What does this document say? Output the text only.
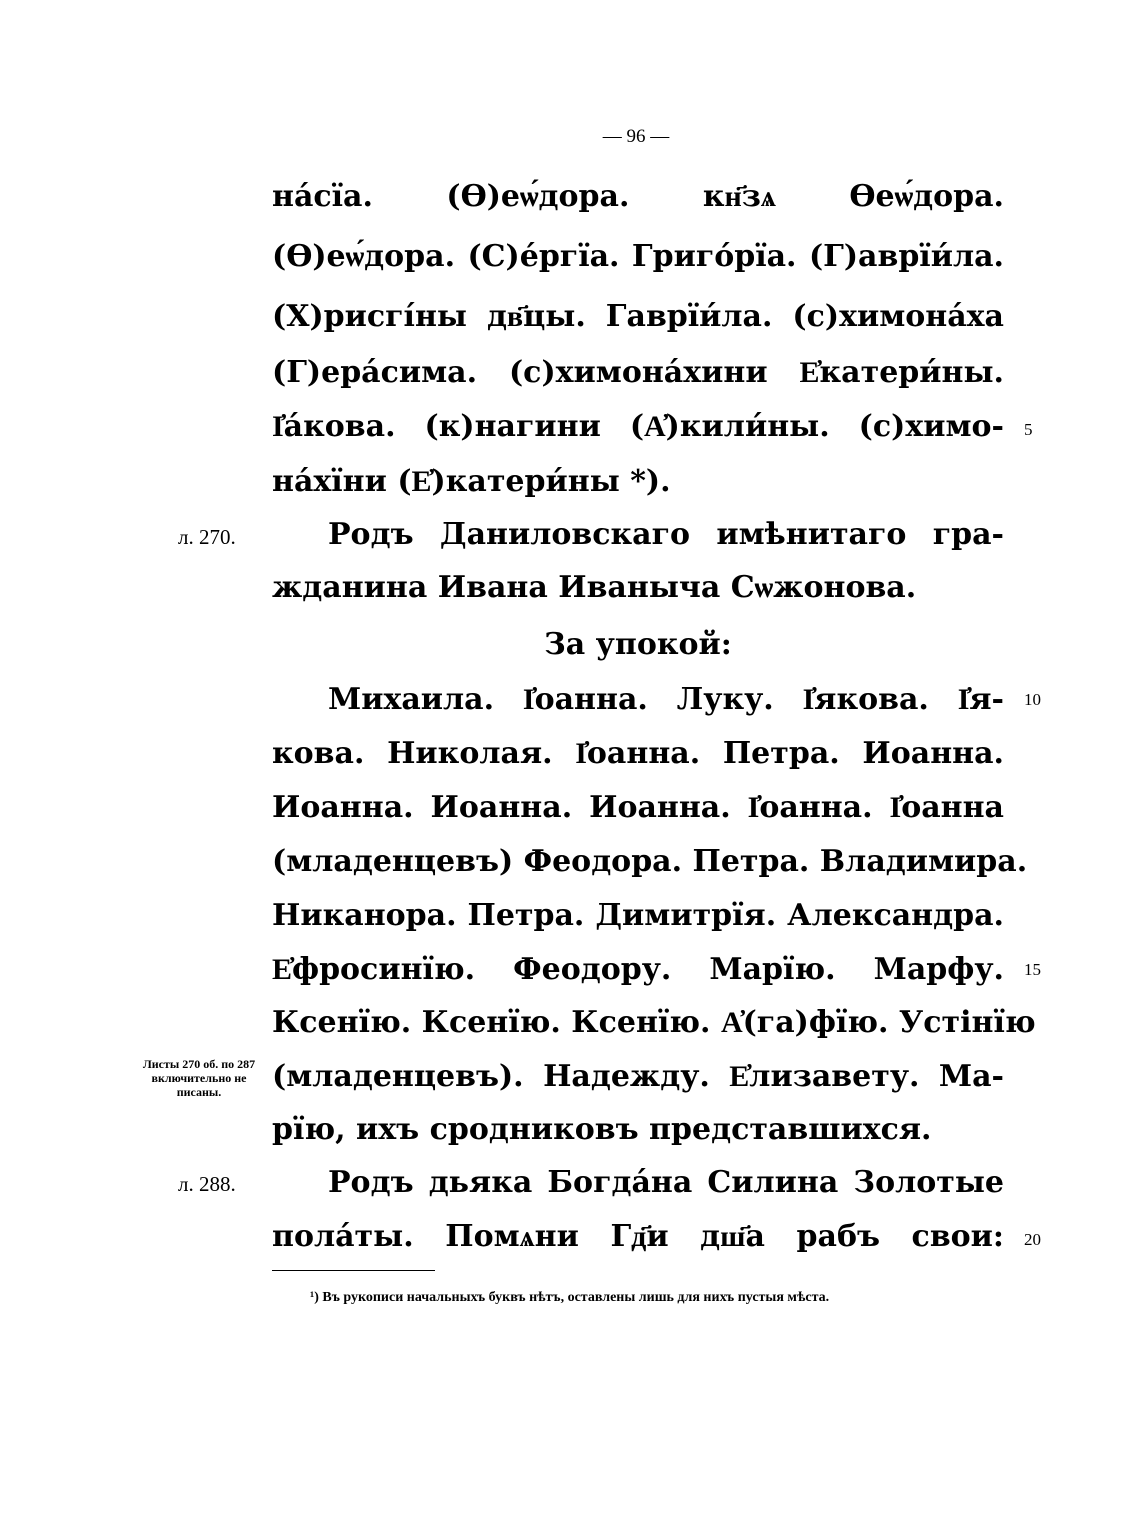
— 96 —
на́сїа. (Ѳ)еѡ́дора. кн҃зѧ Ѳеѡ́дора.
(Ѳ)еѡ́дора. (С)е́ргїа. Григо́рїа. (Г)аврїи́ла.
(Х)рисгі́ны дв҃цы. Гаврїи́ла. (с)химона́ха
(Г)ера́сима. (с)химона́хини Е҆катери́ны.
І҆а́кова. (к)нагини (А҆)кили́ны. (с)химо- 5
на́хїни (Е҆)катери́ны *).
л. 270.	Родъ Даниловскаго имѣнитаго гра-
жданина Ивана Иваныча Сѡжонова.
За упокой:
Михаила. І҆оанна. Луку. І҆якова. І҆я- 10
кова. Николая. І҆оанна. Петра. Иоанна.
Иоанна. Иоанна. Иоанна. І҆оанна. І҆оанна
(младенцевъ) Феодора. Петра. Владимира.
Никанора. Петра. Димитрїя. Александра.
Е҆фросинїю. Феодору. Марїю. Марфу. 15
Ксенїю. Ксенїю. Ксенїю. А҆(га)фїю. Устінїю
(младенцевъ). Надежду. Е҆лизавету. Ма-
рїю, ихъ сродниковъ представшихся.
Листы 270 об. по 287 включительно не писаны.
л. 288.	Родъ дьяка Богда́на Силина Золотые
пола́ты. Помѧни Гд҃и дш҃а рабъ свои: 20
¹) Въ рукописи начальныхъ буквъ нѣтъ, оставлены лишь для нихъ пустыя мѣста.
